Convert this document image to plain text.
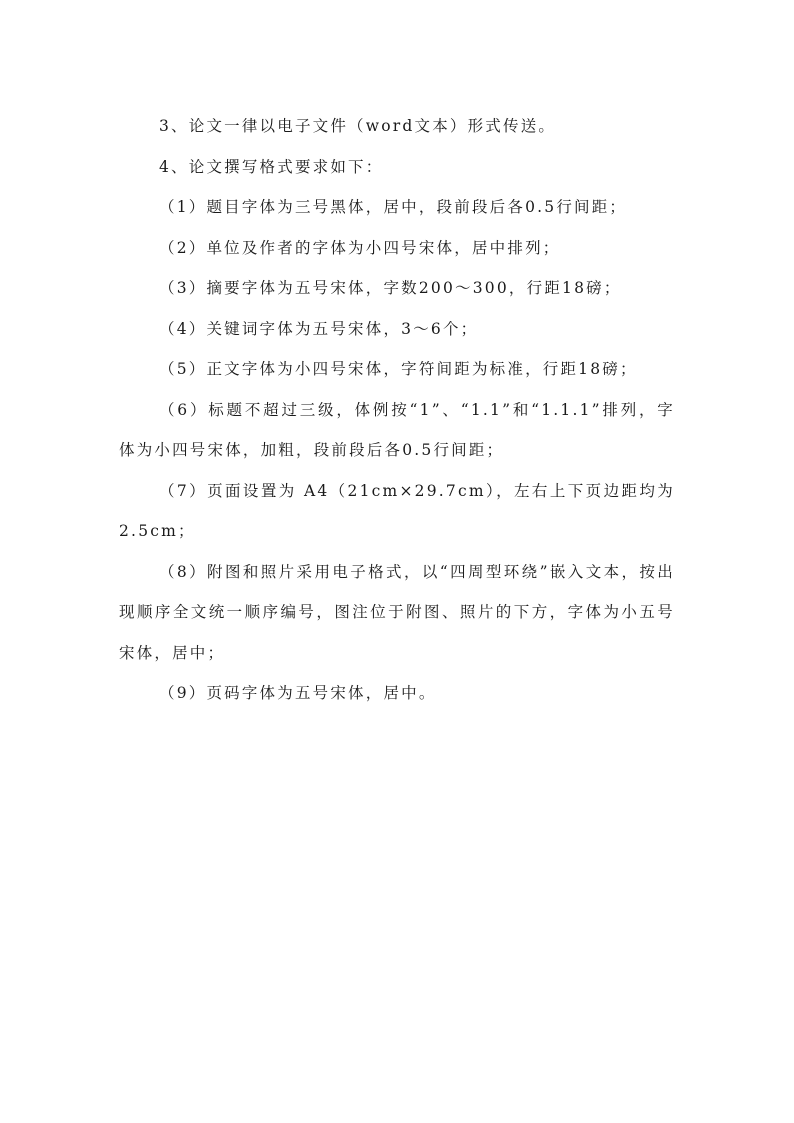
3、论文一律以电子文件（word文本）形式传送。

4、论文撰写格式要求如下：

（1）题目字体为三号黑体，居中，段前段后各0.5行间距；

（2）单位及作者的字体为小四号宋体，居中排列；

（3）摘要字体为五号宋体，字数200～300，行距18磅；

（4）关键词字体为五号宋体，3～6个；

（5）正文字体为小四号宋体，字符间距为标准，行距18磅；

（6）标题不超过三级，体例按“1”、“1.1”和“1.1.1”排列，字体为小四号宋体，加粗，段前段后各0.5行间距；

（7）页面设置为 A4（21cm×29.7cm），左右上下页边距均为2.5cm；

（8）附图和照片采用电子格式，以“四周型环绕”嵌入文本，按出现顺序全文统一顺序编号，图注位于附图、照片的下方，字体为小五号宋体，居中；

（9）页码字体为五号宋体，居中。
